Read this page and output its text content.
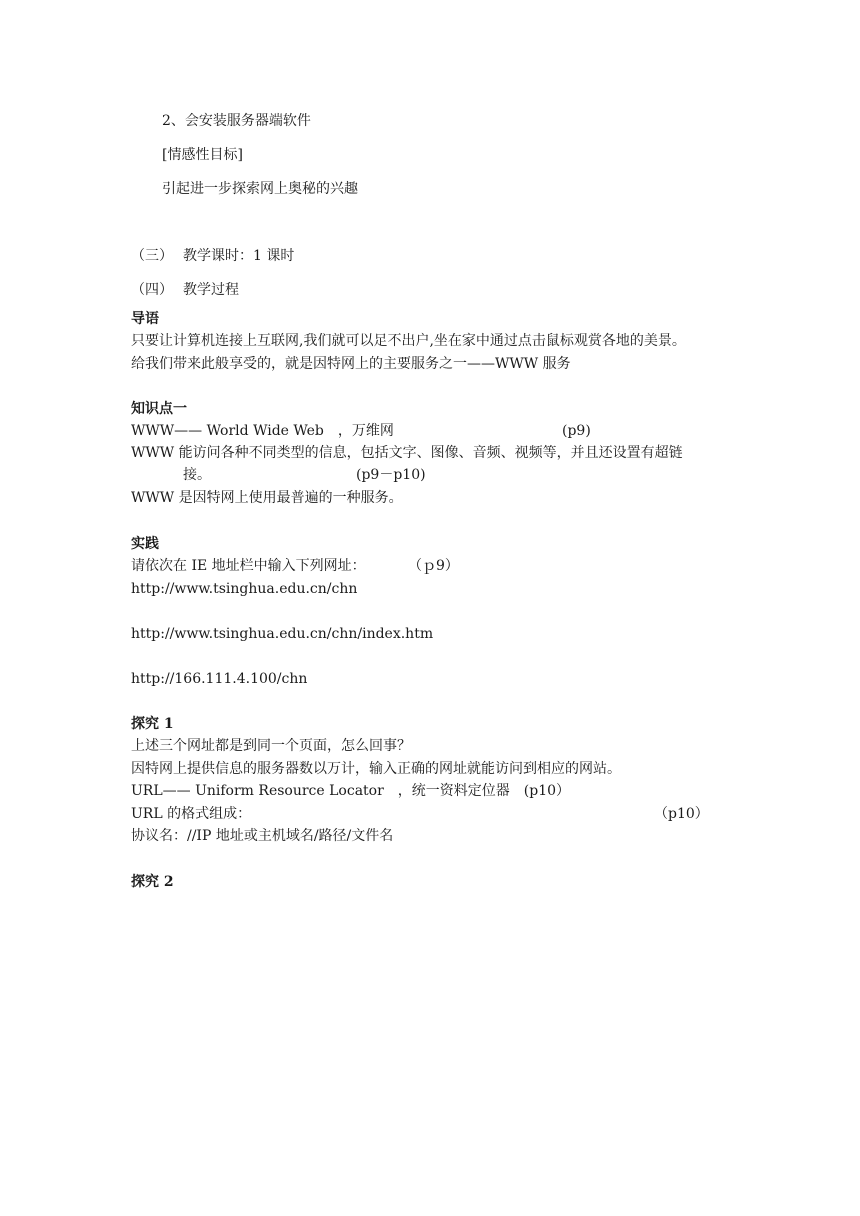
2、会安装服务器端软件
[情感性目标]
引起进一步探索网上奥秘的兴趣
（三） 教学课时：1 课时
（四） 教学过程
导语
只要让计算机连接上互联网,我们就可以足不出户,坐在家中通过点击鼠标观赏各地的美景。
给我们带来此般享受的，就是因特网上的主要服务之一——WWW 服务
知识点一
WWW—— World Wide Web　，万维网	(p9)
WWW 能访问各种不同类型的信息，包括文字、图像、音频、视频等，并且还设置有超链
接。	(p9－p10)
WWW 是因特网上使用最普遍的一种服务。
实践
请依次在 IE 地址栏中输入下列网址：	（ｐ9）
http://www.tsinghua.edu.cn/chn
http://www.tsinghua.edu.cn/chn/index.htm
http://166.111.4.100/chn
探究 1
上述三个网址都是到同一个页面，怎么回事？
因特网上提供信息的服务器数以万计，输入正确的网址就能访问到相应的网站。
URL—— Uniform Resource Locator　，统一资料定位器　(p10）
URL 的格式组成：	（p10）
协议名：//IP 地址或主机域名/路径/文件名
探究 2
